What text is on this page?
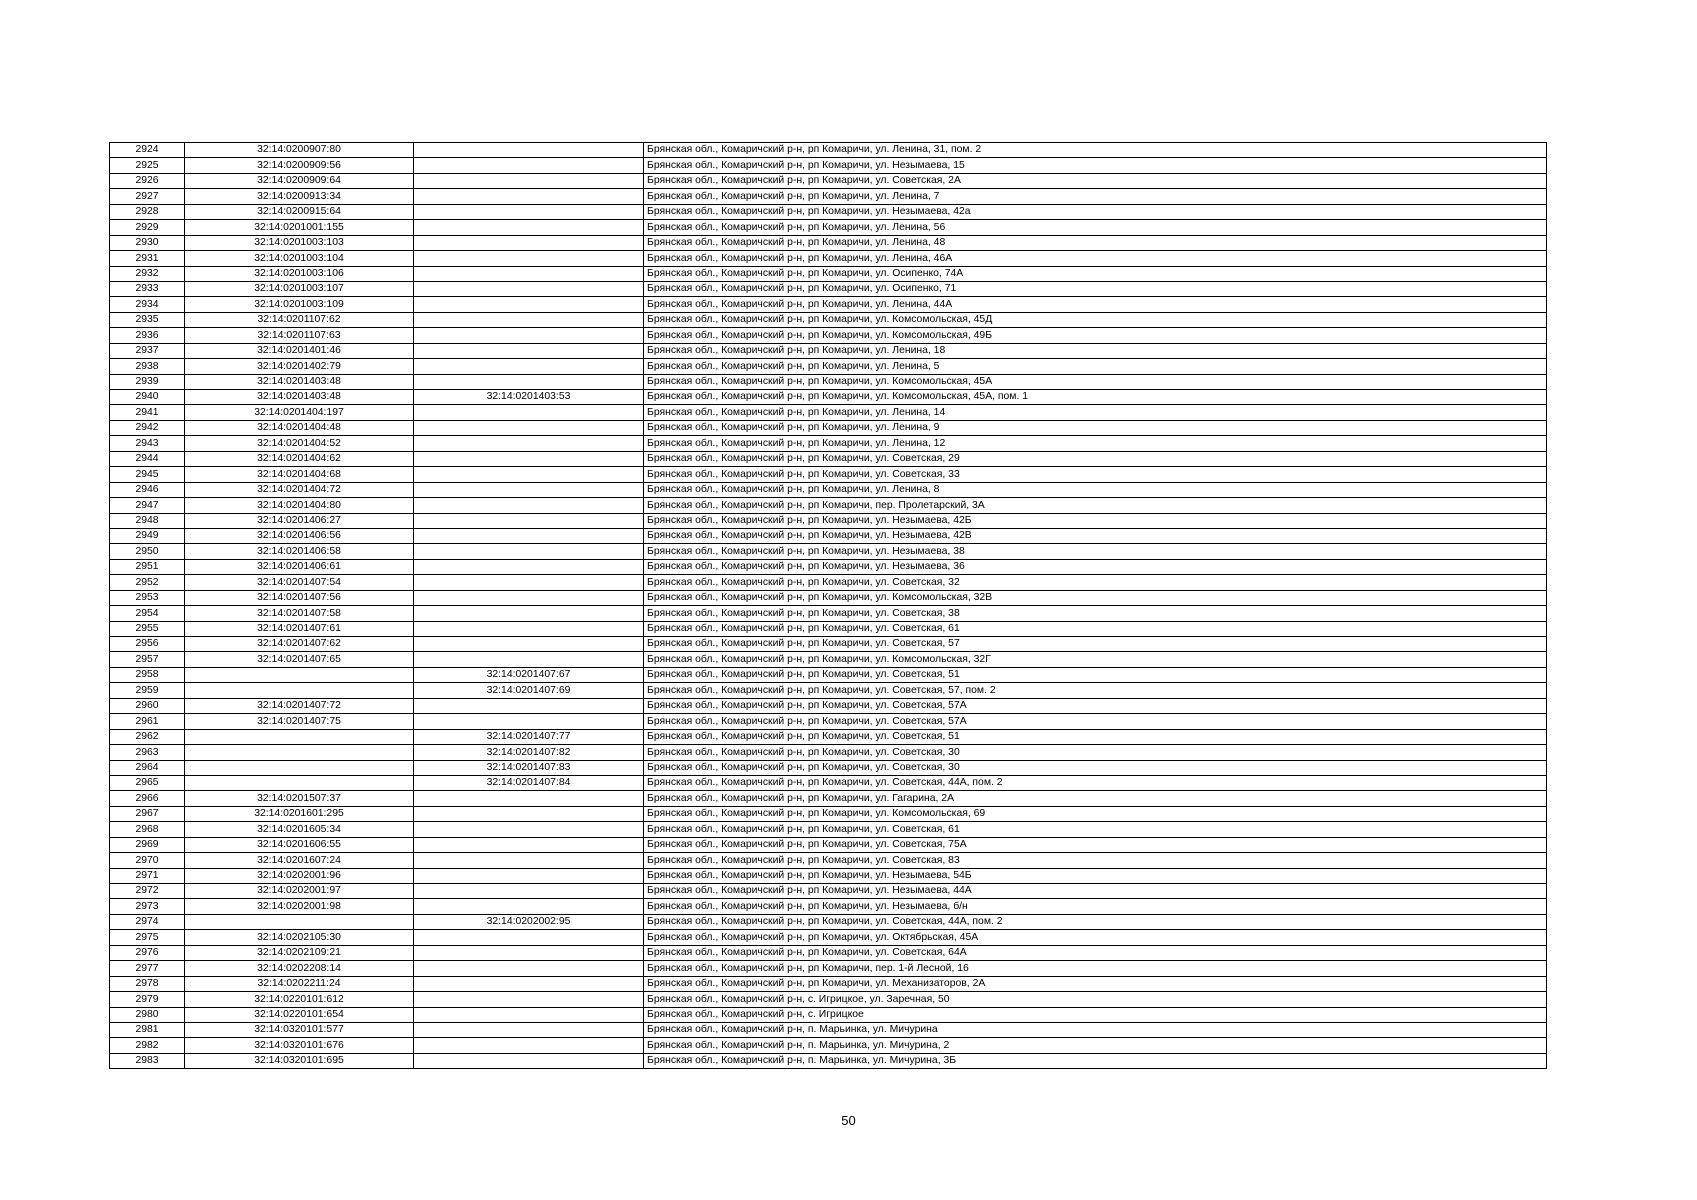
2924	32:14:0200907:80		Брянская обл., Комаричский р-н, рп Комаричи, ул. Ленина, 31, пом. 2
2925	32:14:0200909:56		Брянская обл., Комаричский р-н, рп Комаричи, ул. Незымаева, 15
2926	32:14:0200909:64		Брянская обл., Комаричский р-н, рп Комаричи, ул. Советская, 2А
2927	32:14:0200913:34		Брянская обл., Комаричский р-н, рп Комаричи, ул. Ленина, 7
2928	32:14:0200915:64		Брянская обл., Комаричский р-н, рп Комаричи, ул. Незымаева, 42а
2929	32:14:0201001:155		Брянская обл., Комаричский р-н, рп Комаричи, ул. Ленина, 56
2930	32:14:0201003:103		Брянская обл., Комаричский р-н, рп Комаричи, ул. Ленина, 48
2931	32:14:0201003:104		Брянская обл., Комаричский р-н, рп Комаричи, ул. Ленина, 46А
2932	32:14:0201003:106		Брянская обл., Комаричский р-н, рп Комаричи, ул. Осипенко, 74А
2933	32:14:0201003:107		Брянская обл., Комаричский р-н, рп Комаричи, ул. Осипенко, 71
2934	32:14:0201003:109		Брянская обл., Комаричский р-н, рп Комаричи, ул. Ленина, 44А
2935	32:14:0201107:62		Брянская обл., Комаричский р-н, рп Комаричи, ул. Комсомольская, 45Д
2936	32:14:0201107:63		Брянская обл., Комаричский р-н, рп Комаричи, ул. Комсомольская, 49Б
2937	32:14:0201401:46		Брянская обл., Комаричский р-н, рп Комаричи, ул. Ленина, 18
2938	32:14:0201402:79		Брянская обл., Комаричский р-н, рп Комаричи, ул. Ленина, 5
2939	32:14:0201403:48		Брянская обл., Комаричский р-н, рп Комаричи, ул. Комсомольская, 45А
2940	32:14:0201403:48	32:14:0201403:53	Брянская обл., Комаричский р-н, рп Комаричи, ул. Комсомольская, 45А, пом. 1
2941	32:14:0201404:197		Брянская обл., Комаричский р-н, рп Комаричи, ул. Ленина, 14
2942	32:14:0201404:48		Брянская обл., Комаричский р-н, рп Комаричи, ул. Ленина, 9
2943	32:14:0201404:52		Брянская обл., Комаричский р-н, рп Комаричи, ул. Ленина, 12
2944	32:14:0201404:62		Брянская обл., Комаричский р-н, рп Комаричи, ул. Советская, 29
2945	32:14:0201404:68		Брянская обл., Комаричский р-н, рп Комаричи, ул. Советская, 33
2946	32:14:0201404:72		Брянская обл., Комаричский р-н, рп Комаричи, ул. Ленина, 8
2947	32:14:0201404:80		Брянская обл., Комаричский р-н, рп Комаричи, пер. Пролетарский, 3А
2948	32:14:0201406:27		Брянская обл., Комаричский р-н, рп Комаричи, ул. Незымаева, 42Б
2949	32:14:0201406:56		Брянская обл., Комаричский р-н, рп Комаричи, ул. Незымаева, 42В
2950	32:14:0201406:58		Брянская обл., Комаричский р-н, рп Комаричи, ул. Незымаева, 38
2951	32:14:0201406:61		Брянская обл., Комаричский р-н, рп Комаричи, ул. Незымаева, 36
2952	32:14:0201407:54		Брянская обл., Комаричский р-н, рп Комаричи, ул. Советская, 32
2953	32:14:0201407:56		Брянская обл., Комаричский р-н, рп Комаричи, ул. Комсомольская, 32В
2954	32:14:0201407:58		Брянская обл., Комаричский р-н, рп Комаричи, ул. Советская, 38
2955	32:14:0201407:61		Брянская обл., Комаричский р-н, рп Комаричи, ул. Советская, 61
2956	32:14:0201407:62		Брянская обл., Комаричский р-н, рп Комаричи, ул. Советская, 57
2957	32:14:0201407:65		Брянская обл., Комаричский р-н, рп Комаричи, ул. Комсомольская, 32Г
2958		32:14:0201407:67	Брянская обл., Комаричский р-н, рп Комаричи, ул. Советская, 51
2959		32:14:0201407:69	Брянская обл., Комаричский р-н, рп Комаричи, ул. Советская, 57, пом. 2
2960	32:14:0201407:72		Брянская обл., Комаричский р-н, рп Комаричи, ул. Советская, 57А
2961	32:14:0201407:75		Брянская обл., Комаричский р-н, рп Комаричи, ул. Советская, 57А
2962		32:14:0201407:77	Брянская обл., Комаричский р-н, рп Комаричи, ул. Советская, 51
2963		32:14:0201407:82	Брянская обл., Комаричский р-н, рп Комаричи, ул. Советская, 30
2964		32:14:0201407:83	Брянская обл., Комаричский р-н, рп Комаричи, ул. Советская, 30
2965		32:14:0201407:84	Брянская обл., Комаричский р-н, рп Комаричи, ул. Советская, 44А, пом. 2
2966	32:14:0201507:37		Брянская обл., Комаричский р-н, рп Комаричи, ул. Гагарина, 2А
2967	32:14:0201601:295		Брянская обл., Комаричский р-н, рп Комаричи, ул. Комсомольская, 69
2968	32:14:0201605:34		Брянская обл., Комаричский р-н, рп Комаричи, ул. Советская, 61
2969	32:14:0201606:55		Брянская обл., Комаричский р-н, рп Комаричи, ул. Советская, 75А
2970	32:14:0201607:24		Брянская обл., Комаричский р-н, рп Комаричи, ул. Советская, 83
2971	32:14:0202001:96		Брянская обл., Комаричский р-н, рп Комаричи, ул. Незымаева, 54Б
2972	32:14:0202001:97		Брянская обл., Комаричский р-н, рп Комаричи, ул. Незымаева, 44А
2973	32:14:0202001:98		Брянская обл., Комаричский р-н, рп Комаричи, ул. Незымаева, б/н
2974		32:14:0202002:95	Брянская обл., Комаричский р-н, рп Комаричи, ул. Советская, 44А, пом. 2
2975	32:14:0202105:30		Брянская обл., Комаричский р-н, рп Комаричи, ул. Октябрьская, 45А
2976	32:14:0202109:21		Брянская обл., Комаричский р-н, рп Комаричи, ул. Советская, 64А
2977	32:14:0202208:14		Брянская обл., Комаричский р-н, рп Комаричи, пер. 1-й Лесной, 16
2978	32:14:0202211:24		Брянская обл., Комаричский р-н, рп Комаричи, ул. Механизаторов, 2А
2979	32:14:0220101:612		Брянская обл., Комаричский р-н, с. Игрицкое, ул. Заречная, 50
2980	32:14:0220101:654		Брянская обл., Комаричский р-н, с. Игрицкое
2981	32:14:0320101:577		Брянская обл., Комаричский р-н, п. Марьинка, ул. Мичурина
2982	32:14:0320101:676		Брянская обл., Комаричский р-н, п. Марьинка, ул. Мичурина, 2
2983	32:14:0320101:695		Брянская обл., Комаричский р-н, п. Марьинка, ул. Мичурина, 3Б
50
